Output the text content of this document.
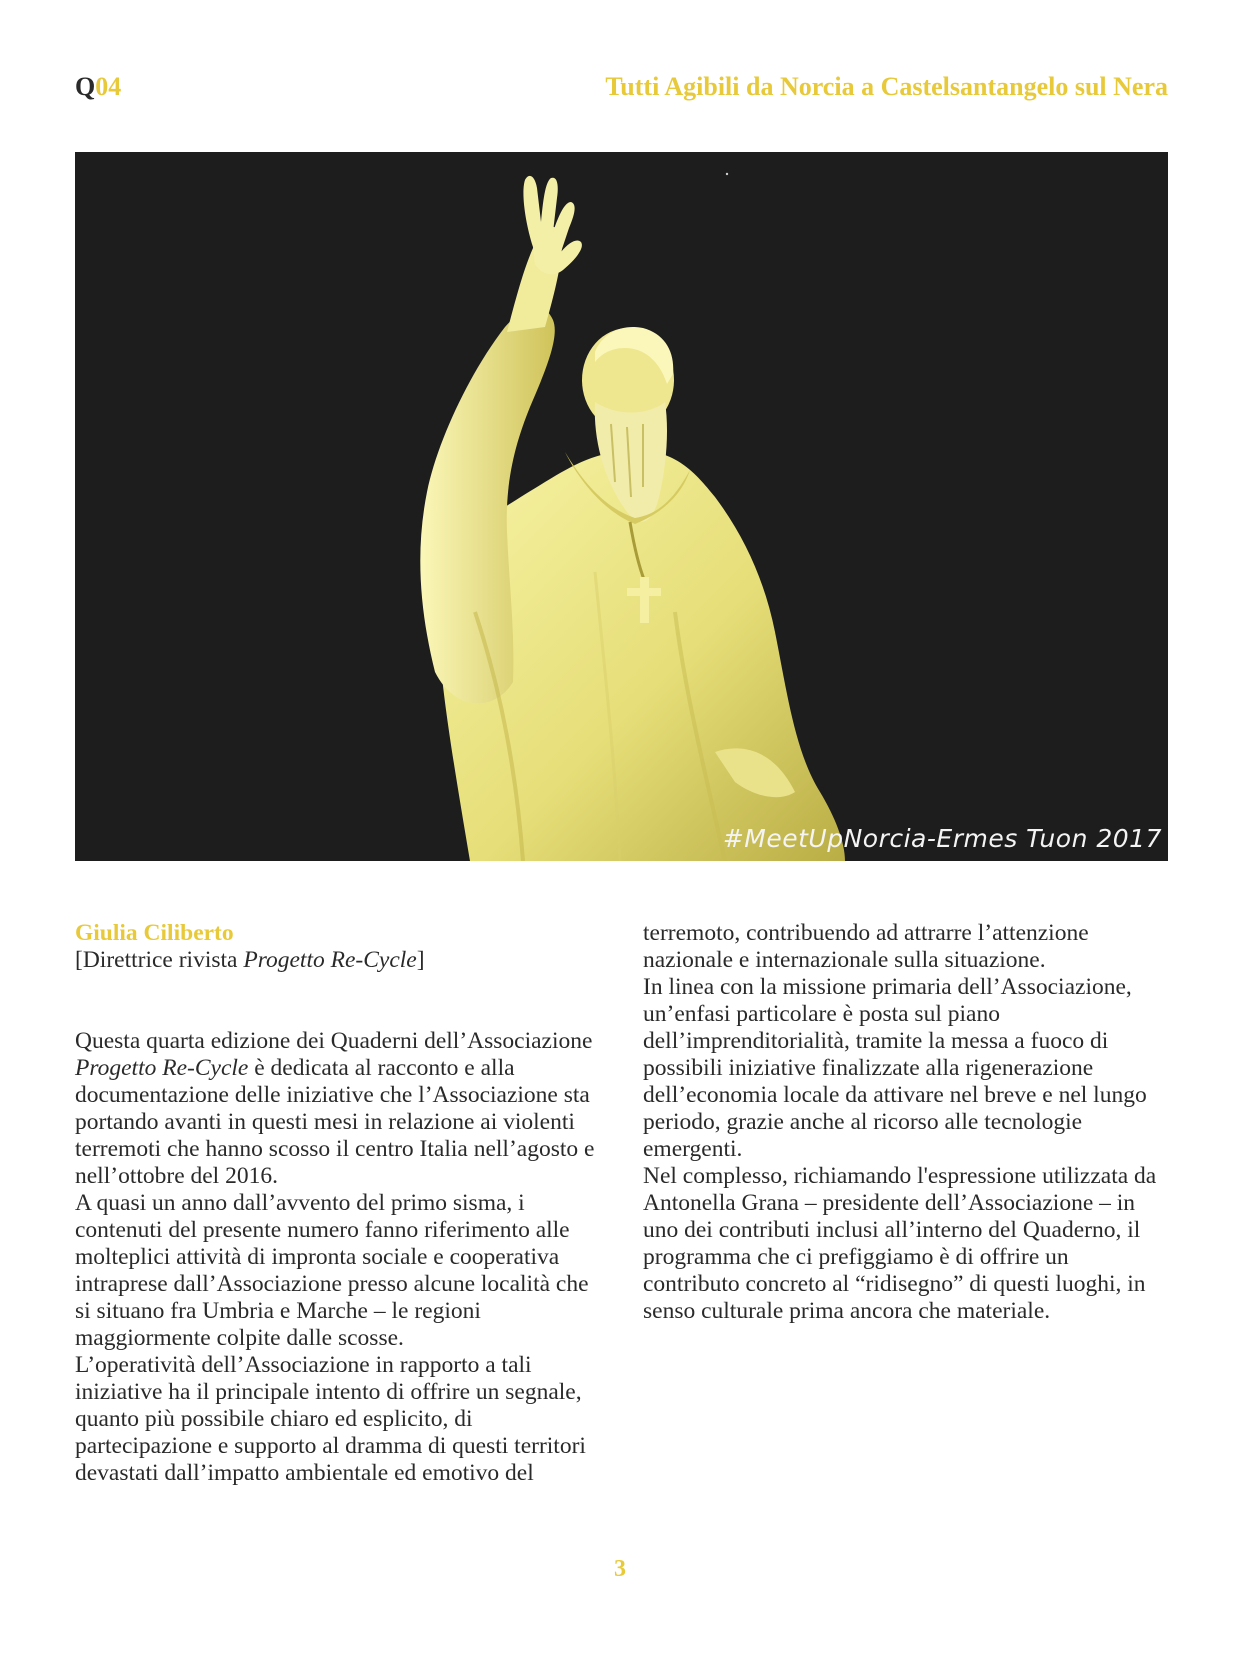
Q04	Tutti Agibili da Norcia a Castelsantangelo sul Nera
#MeetUpNorcia-Ermes Tuon 2017

Giulia Ciliberto

[Direttrice rivista Progetto Re-Cycle]

Questa quarta edizione dei Quaderni dell’Associazione Progetto Re-Cycle è dedicata al racconto e alla documentazione delle iniziative che l’Associazione sta portando avanti in questi mesi in relazione ai violenti terremoti che hanno scosso il centro Italia nell’agosto e nell’ottobre del 2016.

A quasi un anno dall’avvento del primo sisma, i contenuti del presente numero fanno riferimento alle molteplici attività di impronta sociale e cooperativa intraprese dall’Associazione presso alcune località che si situano fra Umbria e Marche – le regioni maggiormente colpite dalle scosse.

L’operatività dell’Associazione in rapporto a tali iniziative ha il principale intento di offrire un segnale, quanto più possibile chiaro ed esplicito, di partecipazione e supporto al dramma di questi territori devastati dall’impatto ambientale ed emotivo del

terremoto, contribuendo ad attrarre l’attenzione nazionale e internazionale sulla situazione.

In linea con la missione primaria dell’Associazione, un’enfasi particolare è posta sul piano dell’imprenditorialità, tramite la messa a fuoco di possibili iniziative finalizzate alla rigenerazione dell’economia locale da attivare nel breve e nel lungo periodo, grazie anche al ricorso alle tecnologie emergenti.

Nel complesso, richiamando l'espressione utilizzata da Antonella Grana – presidente dell’Associazione – in uno dei contributi inclusi all’interno del Quaderno, il programma che ci prefiggiamo è di offrire un contributo concreto al “ridisegno” di questi luoghi, in senso culturale prima ancora che materiale.

3
